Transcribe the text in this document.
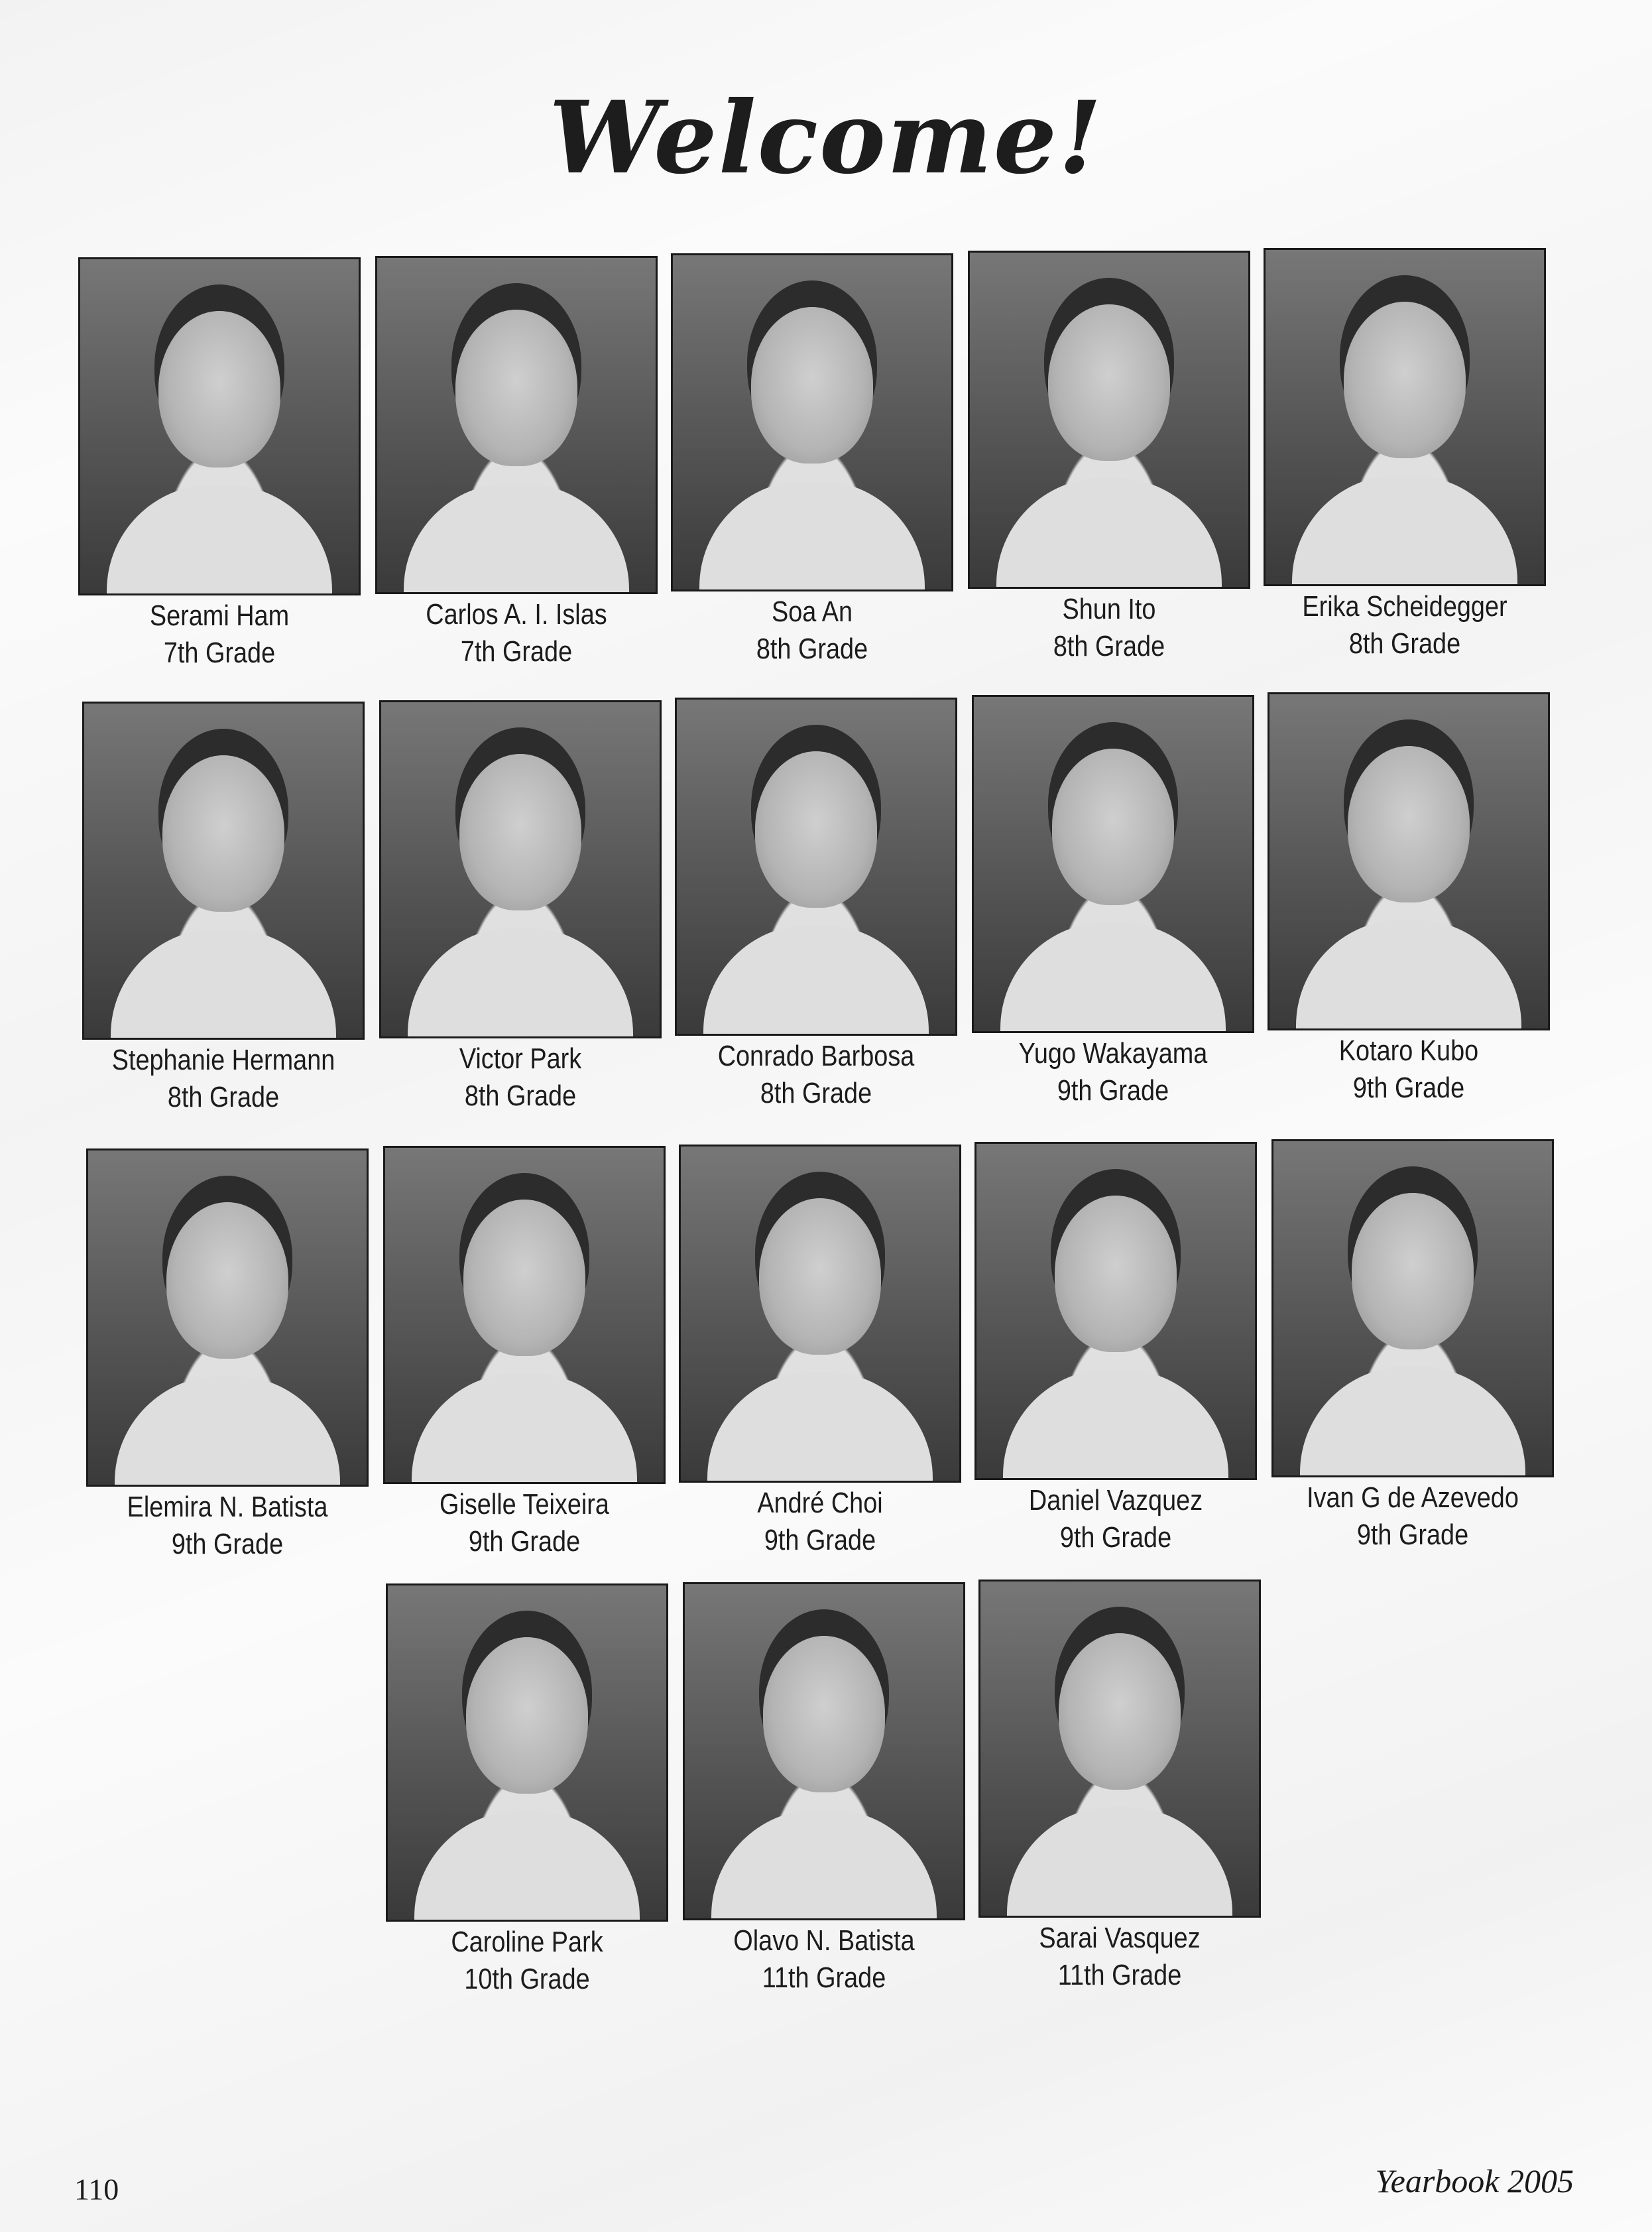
Welcome!
Serami Ham
7th Grade
Carlos A. I. Islas
7th Grade
Soa An
8th Grade
Shun Ito
8th Grade
Erika Scheidegger
8th Grade
Stephanie Hermann
8th Grade
Victor Park
8th Grade
Conrado Barbosa
8th Grade
Yugo Wakayama
9th Grade
Kotaro Kubo
9th Grade
Elemira N. Batista
9th Grade
Giselle Teixeira
9th Grade
André Choi
9th Grade
Daniel Vazquez
9th Grade
Ivan G de Azevedo
9th Grade
Caroline Park
10th Grade
Olavo N. Batista
11th Grade
Sarai Vasquez
11th Grade
110	Yearbook 2005
